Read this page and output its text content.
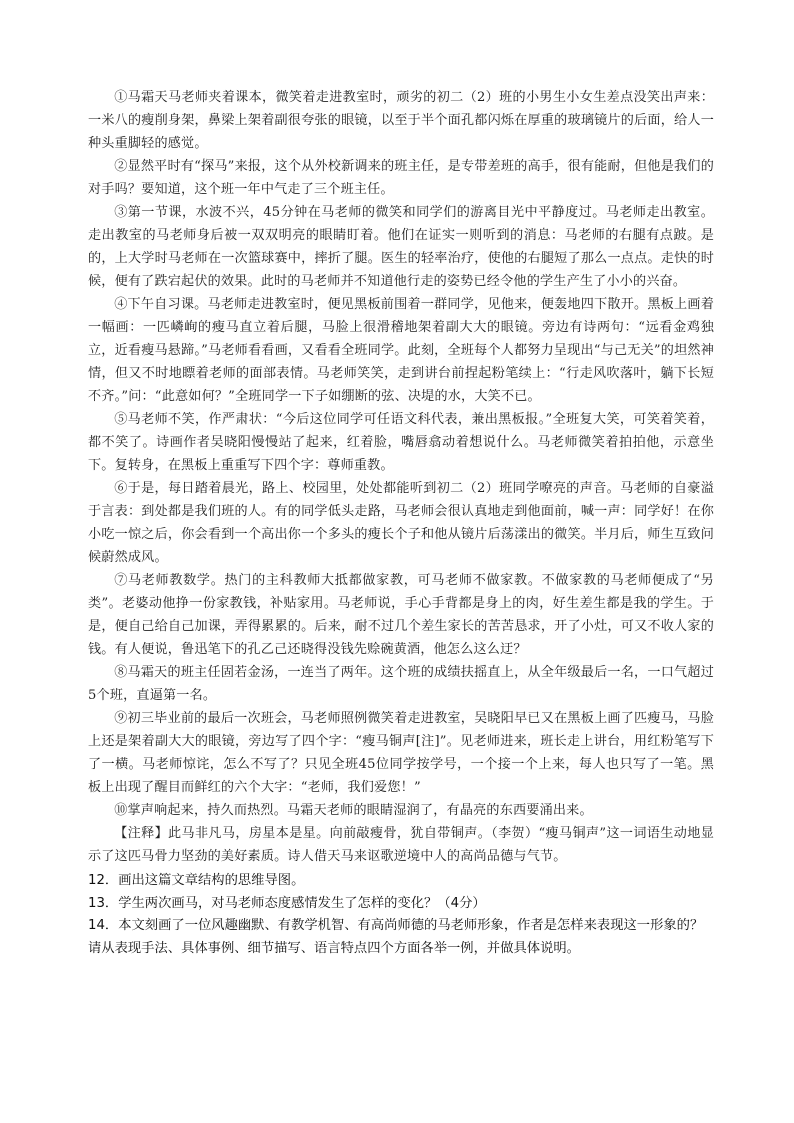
①马霜天马老师夹着课本，微笑着走进教室时，顽劣的初二（2）班的小男生小女生差点没笑出声来：一米八的瘦削身架，鼻梁上架着副很夸张的眼镜，以至于半个面孔都闪烁在厚重的玻璃镜片的后面，给人一种头重脚轻的感觉。

②显然平时有“探马”来报，这个从外校新调来的班主任，是专带差班的高手，很有能耐，但他是我们的对手吗？要知道，这个班一年中气走了三个班主任。

③第一节课，水波不兴，45分钟在马老师的微笑和同学们的游离目光中平静度过。马老师走出教室。走出教室的马老师身后被一双双明亮的眼睛盯着。他们在证实一则听到的消息：马老师的右腿有点跛。是的，上大学时马老师在一次篮球赛中，摔折了腿。医生的轻率治疗，使他的右腿短了那么一点点。走快的时候，便有了跌宕起伏的效果。此时的马老师并不知道他行走的姿势已经令他的学生产生了小小的兴奋。

④下午自习课。马老师走进教室时，便见黑板前围着一群同学，见他来，便轰地四下散开。黑板上画着一幅画：一匹嶙峋的瘦马直立着后腿，马脸上很滑稽地架着副大大的眼镜。旁边有诗两句：“远看金鸡独立，近看瘦马悬蹄。”马老师看看画，又看看全班同学。此刻，全班每个人都努力呈现出“与己无关”的坦然神情，但又不时地瞟着老师的面部表情。马老师笑笑，走到讲台前捏起粉笔续上：“行走风吹落叶，躺下长短不齐。”问：“此意如何？”全班同学一下子如绷断的弦、决堤的水，大笑不已。

⑤马老师不笑，作严肃状：“今后这位同学可任语文科代表，兼出黑板报。”全班复大笑，可笑着笑着，都不笑了。诗画作者吴晓阳慢慢站了起来，红着脸，嘴唇翕动着想说什么。马老师微笑着拍拍他，示意坐下。复转身，在黑板上重重写下四个字：尊师重教。

⑥于是，每日踏着晨光，路上、校园里，处处都能听到初二（2）班同学嘹亮的声音。马老师的自豪溢于言表：到处都是我们班的人。有的同学低头走路，马老师会很认真地走到他面前，喊一声：同学好！在你小吃一惊之后，你会看到一个高出你一个多头的瘦长个子和他从镜片后荡漾出的微笑。半月后，师生互致问候蔚然成风。

⑦马老师教数学。热门的主科教师大抵都做家教，可马老师不做家教。不做家教的马老师便成了“另类”。老婆动他挣一份家教钱，补贴家用。马老师说，手心手背都是身上的肉，好生差生都是我的学生。于是，便自己给自己加课，弄得累累的。后来，耐不过几个差生家长的苦苦恳求，开了小灶，可又不收人家的钱。有人便说，鲁迅笔下的孔乙己还晓得没钱先赊碗黄酒，他怎么这么迂？

⑧马霜天的班主任固若金汤，一连当了两年。这个班的成绩扶摇直上，从全年级最后一名，一口气超过5个班，直逼第一名。

⑨初三毕业前的最后一次班会，马老师照例微笑着走进教室，吴晓阳早已又在黑板上画了匹瘦马，马脸上还是架着副大大的眼镜，旁边写了四个字：“瘦马铜声[注]”。见老师进来，班长走上讲台，用红粉笔写下了一横。马老师惊诧，怎么不写了？只见全班45位同学按学号，一个接一个上来，每人也只写了一笔。黑板上出现了醒目而鲜红的六个大字：“老师，我们爱您！”

⑩掌声响起来，持久而热烈。马霜天老师的眼睛湿润了，有晶亮的东西要涌出来。

【注释】此马非凡马，房星本是星。向前敲瘦骨，犹自带铜声。（李贺）“瘦马铜声”这一词语生动地显示了这匹马骨力坚劲的美好素质。诗人借天马来讴歌逆境中人的高尚品德与气节。

12．画出这篇文章结构的思维导图。

13．学生两次画马，对马老师态度感情发生了怎样的变化？（4分）

14．本文刻画了一位风趣幽默、有教学机智、有高尚师德的马老师形象，作者是怎样来表现这一形象的？请从表现手法、具体事例、细节描写、语言特点四个方面各举一例，并做具体说明。
